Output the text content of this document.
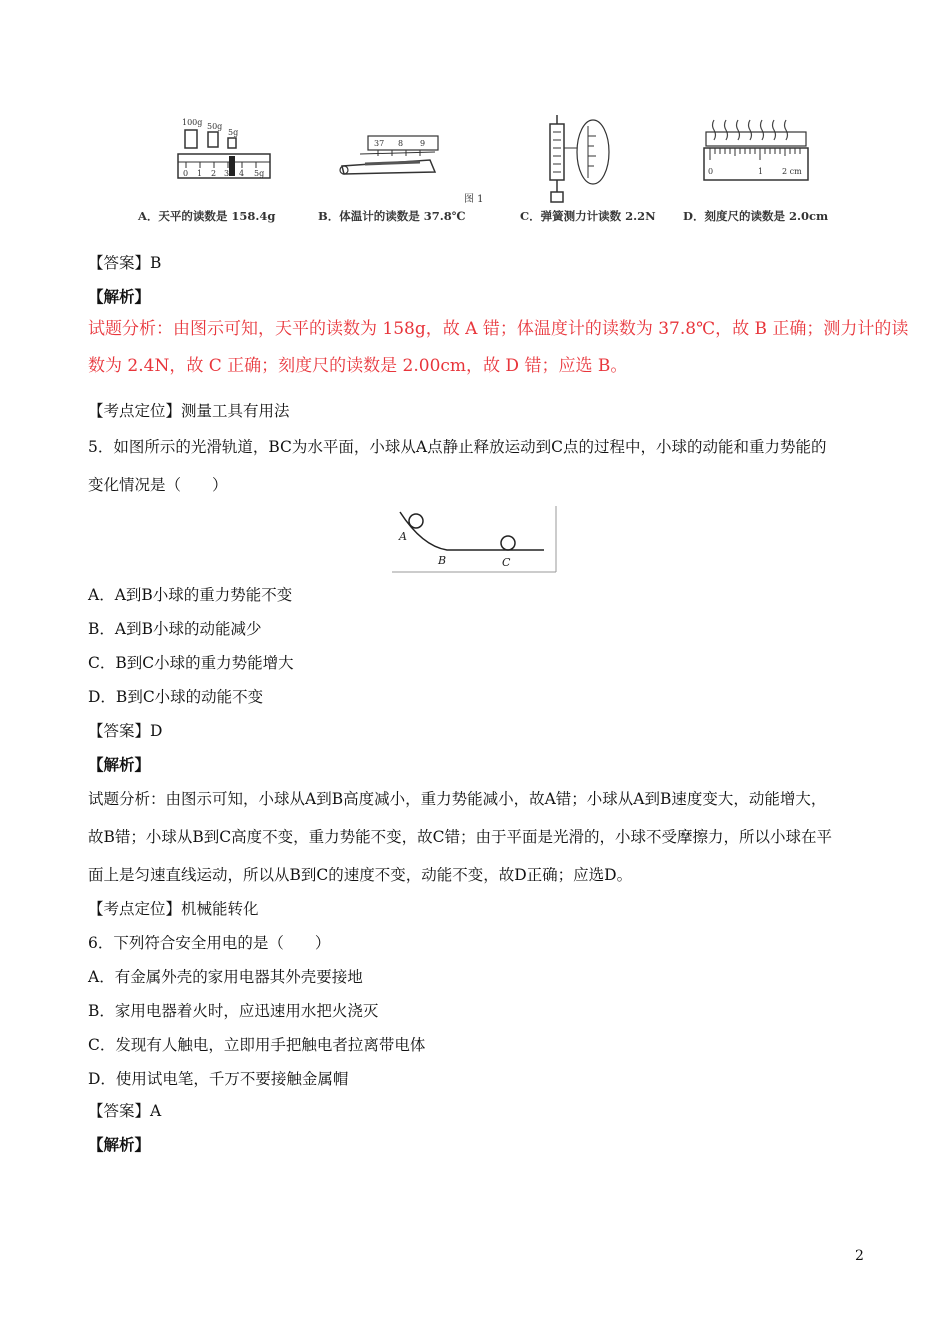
100g 50g
5g
0 1 2 3 4 5g
37 8 9
0	1 2 cm
图 1
A．天平的读数是 158.4g	B．体温计的读数是 37.8℃	C．弹簧测力计读数 2.2N D．刻度尺的读数是 2.0cm
【答案】B
【解析】
试题分析：由图示可知，天平的读数为 158g，故 A 错；体温度计的读数为 37.8℃，故 B 正确；测力计的读
数为 2.4N，故 C 正确；刻度尺的读数是 2.00cm，故 D 错；应选 B。
【考点定位】测量工具有用法
5．如图所示的光滑轨道，BC为水平面，小球从A点静止释放运动到C点的过程中，小球的动能和重力势能的
变化情况是（　　）
A
B	C
A．A到B小球的重力势能不变
B．A到B小球的动能减少
C．B到C小球的重力势能增大
D．B到C小球的动能不变
【答案】D
【解析】
试题分析：由图示可知，小球从A到B高度减小，重力势能减小，故A错；小球从A到B速度变大，动能增大，
故B错；小球从B到C高度不变，重力势能不变，故C错；由于平面是光滑的，小球不受摩擦力，所以小球在平
面上是匀速直线运动，所以从B到C的速度不变，动能不变，故D正确；应选D。
【考点定位】机械能转化
6．下列符合安全用电的是（　　）
A．有金属外壳的家用电器其外壳要接地
B．家用电器着火时，应迅速用水把火浇灭
C．发现有人触电，立即用手把触电者拉离带电体
D．使用试电笔，千万不要接触金属帽
【答案】A
【解析】
2
